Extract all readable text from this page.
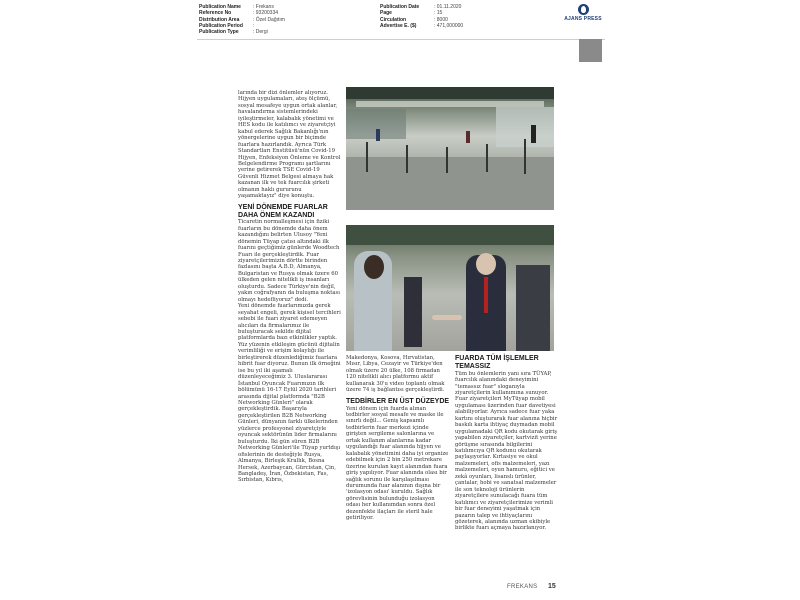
Publication Name	: Frekans
Reference No	: 93200334
Distribution Area	: Özel Dağıtım
Publication Period	:
Publication Type	: Dergi
Publication Date	: 01.11.2020
Page	: 15
Circulation	: 8000
Advertise E. ($)	: 471,000000
AJANS PRESS

larında bir dizi önlemler alıyoruz. Hijyen uygulamaları, ateş ölçümü, sosyal mesafeye uygun ortak alanlar, havalandırma sistemlerindeki iyileştirmeler, kalabalık yönetimi ve HES kodu ile katılımcı ve ziyaretçiyi kabul ederek Sağlık Bakanlığı'nın yönergelerine uygun bir biçimde fuarlara hazırlandık. Ayrıca Türk Standartları Enstitüsü'nün Covid-19 Hijyen, Enfeksiyon Önleme ve Kontrol Belgelendirme Programı şartlarını yerine getirerek TSE Covid-19 Güvenli Hizmet Belgesi almaya hak kazanan ilk ve tek fuarcılık şirketi olmanın haklı gururunu yaşamaktayız" diye konuştu.

YENİ DÖNEMDE FUARLAR DAHA ÖNEM KAZANDI

Ticaretin normalleşmesi için fiziki fuarların bu dönemde daha önem kazandığını belirten Ulusoy "Yeni dönemin Tüyap çatısı altındaki ilk fuarını geçtiğimiz günlerde Woodtech Fuarı ile gerçekleştirdik. Fuar ziyaretçilerimizin dörtte birinden fazlasını başta A.B.D, Almanya, Bulgaristan ve Rusya olmak üzere 60 ülkeden gelen nitelikli iş insanları oluşturdu. Sadece Türkiye'nin değil, yakın coğrafyanın da buluşma noktası olmayı hedefliyoruz" dedi.

Yeni dönemde fuarlarımızda gerek seyahat engeli, gerek kişisel tercihleri sebebi ile fuarı ziyaret edemeyen alıcıları da firmalarımız ile buluşturacak sekilde dijital platformlarda bazı etkinlikler yaptık. Yüz yüzenin etkileşim gücünü dijitalin verimliliği ve erişim kolaylığı ile birleştirerek düzenlediğimiz fuarlara hibrit fuar diyoruz. Bunun ilk örneğini ise bu yıl iki aşamalı düzenleyeceğimiz 3. Uluslararası İstanbul Oyuncak Fuarımızın ilk bölümünü 16-17 Eylül 2020 tarihleri arasında dijital platformda "B2B Networking Günleri" olarak gerçekleştirdik. Başarıyla gerçekleştirilen B2B Networking Günleri, dünyanın farklı ülkelerinden yüzlerce profesyonel ziyaretçiyle oyuncak sektörünün lider firmalarını buluşturdu. İki gün süren B2B Networking Günleri'ile Tüyap yurtdışı ofislerinin de desteğiyle Rusya, Almanya, Birleşik Krallık, Bosna Hersek, Azerbaycan, Gürcistan, Çin, Bangladeş, İran, Özbekistan, Fas, Sırbistan, Kıbrıs,

Makedonya, Kosova, Hırvatistan, Mısır, Libya, Cezayir ve Türkiye'den olmak üzere 20 ülke, 108 firmadan 120 nitelikli alıcı platformu aktif kullanarak 30'u video toplantı olmak üzere 74 iş bağlantısı gerçekleştirdi.

TEDBİRLER EN ÜST DÜZEYDE

Yeni dönem için fuarda alınan tedbirler sosyal mesafe ve maske ile sınırlı değil... Geniş kapsamlı tedbirlerin fuar merkezi içinde girişten sergileme salonlarına ve ortak kullanım alanlarına kadar uygulandığı fuar alanında hijyen ve kalabalık yönetimini daha iyi organize edebilmek için 2 bin 250 metrekare üzerine kurulan kayıt alanından fuara giriş yapılıyor. Fuar alanında olası bir sağlık sorunu ile karşılaşılması durumunda fuar alanının dışına bir 'izolasyon odası' kuruldu. Sağlık görevlisinin bulunduğu izolasyon odası her kullanımdan sonra özel dezenfekte ilaçları ile steril hale getiriliyor.

FUARDA TÜM İŞLEMLER TEMASSIZ

Tüm bu önlemlerin yanı sıra TÜYAP, fuarcılık alanındaki deneyimini "temassız fuar" sloganıyla ziyaretçilerin kullanımına sunuyor. Fuar ziyaretçileri MyTüyap mobil uygulaması üzerinden fuar davetiyesi alabiliyorlar. Ayrıca sadece fuar yaka kartını oluşturarak fuar alanına hiçbir baskılı karta ihtiyaç duymadan mobil uygulamadaki QR kodu okutarak giriş yapabilen ziyaretçiler, kartvizit yerine görüşme sırasında bilgilerini katılımcıya QR kodunu okutarak paylaşıyorlar. Kırtasiye ve okul malzemeleri, ofis malzemeleri, yazı malzemeleri, oyun hamuru, eğitici ve zekâ oyunları, lisanslı ürünler, çantalar, hobi ve sanatsal malzemeler ile son teknoloji ürünlerin ziyaretçilere sunulacağı fuara tüm katılımcı ve ziyaretçilerimize verimli bir fuar deneyimi yaşatmak için pazarın talep ve ihtiyaçlarını gözeterek, alanında uzman ekibiyle birlikte fuarı açmaya hazırlanıyor.

FREKANS 15
